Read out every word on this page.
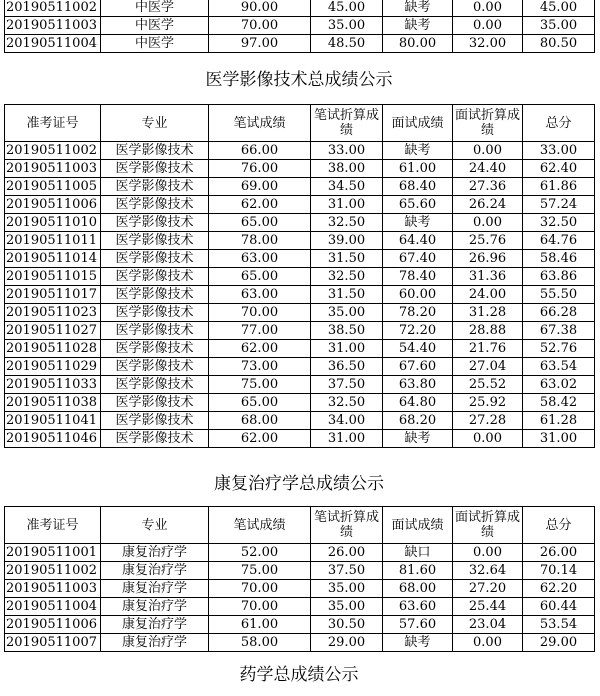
20190511002	中医学	90.00	45.00	缺考	0.00	45.00
20190511003	中医学	70.00	35.00	缺考	0.00	35.00
20190511004	中医学	97.00	48.50	80.00	32.00	80.50
医学影像技术总成绩公示
准考证号	专业	笔试成绩	笔试折算成绩	面试成绩	面试折算成绩	总分
20190511002	医学影像技术	66.00	33.00	缺考	0.00	33.00
20190511003	医学影像技术	76.00	38.00	61.00	24.40	62.40
20190511005	医学影像技术	69.00	34.50	68.40	27.36	61.86
20190511006	医学影像技术	62.00	31.00	65.60	26.24	57.24
20190511010	医学影像技术	65.00	32.50	缺考	0.00	32.50
20190511011	医学影像技术	78.00	39.00	64.40	25.76	64.76
20190511014	医学影像技术	63.00	31.50	67.40	26.96	58.46
20190511015	医学影像技术	65.00	32.50	78.40	31.36	63.86
20190511017	医学影像技术	63.00	31.50	60.00	24.00	55.50
20190511023	医学影像技术	70.00	35.00	78.20	31.28	66.28
20190511027	医学影像技术	77.00	38.50	72.20	28.88	67.38
20190511028	医学影像技术	62.00	31.00	54.40	21.76	52.76
20190511029	医学影像技术	73.00	36.50	67.60	27.04	63.54
20190511033	医学影像技术	75.00	37.50	63.80	25.52	63.02
20190511038	医学影像技术	65.00	32.50	64.80	25.92	58.42
20190511041	医学影像技术	68.00	34.00	68.20	27.28	61.28
20190511046	医学影像技术	62.00	31.00	缺考	0.00	31.00
康复治疗学总成绩公示
准考证号	专业	笔试成绩	笔试折算成绩	面试成绩	面试折算成绩	总分
20190511001	康复治疗学	52.00	26.00	缺口	0.00	26.00
20190511002	康复治疗学	75.00	37.50	81.60	32.64	70.14
20190511003	康复治疗学	70.00	35.00	68.00	27.20	62.20
20190511004	康复治疗学	70.00	35.00	63.60	25.44	60.44
20190511006	康复治疗学	61.00	30.50	57.60	23.04	53.54
20190511007	康复治疗学	58.00	29.00	缺考	0.00	29.00
药学总成绩公示
